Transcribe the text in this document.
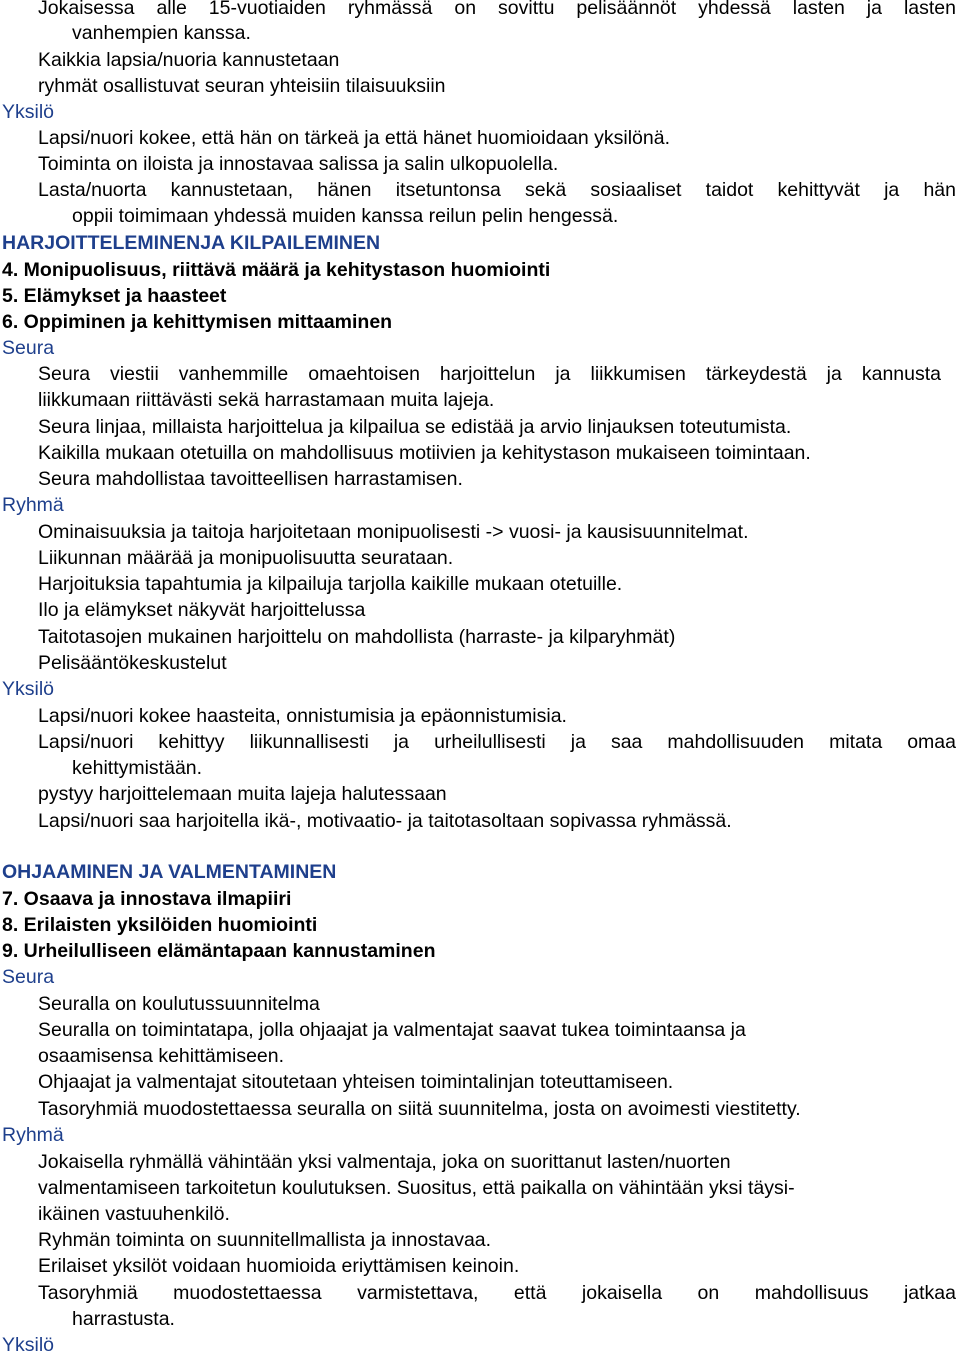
Jokaisessa alle 15-vuotiaiden ryhmässä on sovittu pelisäännöt yhdessä lasten ja lasten

vanhempien kanssa.

Kaikkia lapsia/nuoria kannustetaan

ryhmät osallistuvat seuran yhteisiin tilaisuuksiin

Yksilö

Lapsi/nuori kokee, että hän on tärkeä ja että hänet huomioidaan yksilönä.

Toiminta on iloista ja innostavaa salissa ja salin ulkopuolella.

Lasta/nuorta kannustetaan, hänen itsetuntonsa sekä sosiaaliset taidot kehittyvät ja hän

oppii toimimaan yhdessä muiden kanssa reilun pelin hengessä.

HARJOITTELEMINENJA KILPAILEMINEN

4. Monipuolisuus, riittävä määrä ja kehitystason huomiointi

5. Elämykset ja haasteet

6. Oppiminen ja kehittymisen mittaaminen

Seura

Seura viestii vanhemmille omaehtoisen harjoittelun ja liikkumisen tärkeydestä ja kannusta

liikkumaan riittävästi sekä harrastamaan muita lajeja.

Seura linjaa, millaista harjoittelua ja kilpailua se edistää ja arvio linjauksen toteutumista.

Kaikilla mukaan otetuilla on mahdollisuus motiivien ja kehitystason mukaiseen toimintaan.

Seura mahdollistaa tavoitteellisen harrastamisen.

Ryhmä

Ominaisuuksia ja taitoja harjoitetaan monipuolisesti -> vuosi- ja kausisuunnitelmat.

Liikunnan määrää ja monipuolisuutta seurataan.

Harjoituksia tapahtumia ja kilpailuja tarjolla kaikille mukaan otetuille.

Ilo ja elämykset näkyvät harjoittelussa

Taitotasojen mukainen harjoittelu on mahdollista (harraste- ja kilparyhmät)

Pelisääntökeskustelut

Yksilö

Lapsi/nuori kokee haasteita, onnistumisia ja epäonnistumisia.

Lapsi/nuori kehittyy liikunnallisesti ja urheilullisesti ja saa mahdollisuuden mitata omaa

kehittymistään.

pystyy harjoittelemaan muita lajeja halutessaan

Lapsi/nuori saa harjoitella ikä-, motivaatio- ja taitotasoltaan sopivassa ryhmässä.

OHJAAMINEN JA VALMENTAMINEN

7. Osaava ja innostava ilmapiiri

8. Erilaisten yksilöiden huomiointi

9. Urheilulliseen elämäntapaan kannustaminen

Seura

Seuralla on koulutussuunnitelma

Seuralla on toimintatapa, jolla ohjaajat ja valmentajat saavat tukea toimintaansa ja

osaamisensa kehittämiseen.

Ohjaajat ja valmentajat sitoutetaan yhteisen toimintalinjan toteuttamiseen.

Tasoryhmiä muodostettaessa seuralla on siitä suunnitelma, josta on avoimesti viestitetty.

Ryhmä

Jokaisella ryhmällä vähintään yksi valmentaja, joka on suorittanut lasten/nuorten

valmentamiseen tarkoitetun koulutuksen. Suositus, että paikalla on vähintään yksi täysi-

ikäinen vastuuhenkilö.

Ryhmän toiminta on suunnitellmallista ja innostavaa.

Erilaiset yksilöt voidaan huomioida eriyttämisen keinoin.

Tasoryhmiä muodostettaessa varmistettava, että jokaisella on mahdollisuus jatkaa

harrastusta.

Yksilö
